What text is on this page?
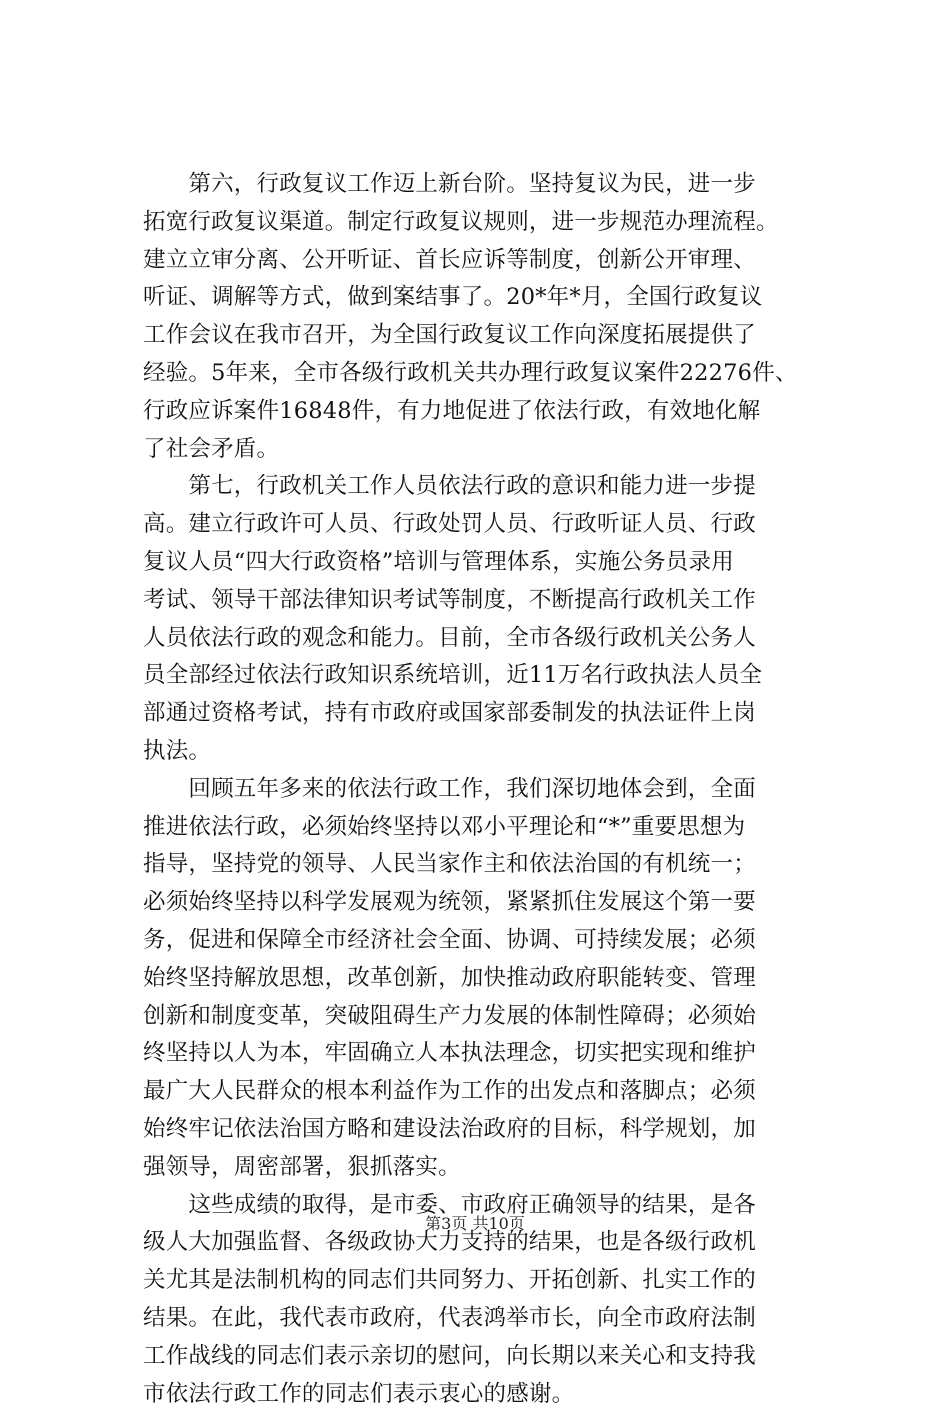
　　第六，行政复议工作迈上新台阶。坚持复议为民，进一步

拓宽行政复议渠道。制定行政复议规则，进一步规范办理流程。

建立立审分离、公开听证、首长应诉等制度，创新公开审理、

听证、调解等方式，做到案结事了。20*年*月，全国行政复议

工作会议在我市召开，为全国行政复议工作向深度拓展提供了

经验。5年来，全市各级行政机关共办理行政复议案件22276件、

行政应诉案件16848件，有力地促进了依法行政，有效地化解

了社会矛盾。

　　第七，行政机关工作人员依法行政的意识和能力进一步提

高。建立行政许可人员、行政处罚人员、行政听证人员、行政

复议人员“四大行政资格”培训与管理体系，实施公务员录用

考试、领导干部法律知识考试等制度，不断提高行政机关工作

人员依法行政的观念和能力。目前，全市各级行政机关公务人

员全部经过依法行政知识系统培训，近11万名行政执法人员全

部通过资格考试，持有市政府或国家部委制发的执法证件上岗

执法。

　　回顾五年多来的依法行政工作，我们深切地体会到，全面

推进依法行政，必须始终坚持以邓小平理论和“*”重要思想为

指导，坚持党的领导、人民当家作主和依法治国的有机统一；

必须始终坚持以科学发展观为统领，紧紧抓住发展这个第一要

务，促进和保障全市经济社会全面、协调、可持续发展；必须

始终坚持解放思想，改革创新，加快推动政府职能转变、管理

创新和制度变革，突破阻碍生产力发展的体制性障碍；必须始

终坚持以人为本，牢固确立人本执法理念，切实把实现和维护

最广大人民群众的根本利益作为工作的出发点和落脚点；必须

始终牢记依法治国方略和建设法治政府的目标，科学规划，加

强领导，周密部署，狠抓落实。

　　这些成绩的取得，是市委、市政府正确领导的结果，是各

级人大加强监督、各级政协大力支持的结果，也是各级行政机

关尤其是法制机构的同志们共同努力、开拓创新、扎实工作的

结果。在此，我代表市政府，代表鸿举市长，向全市政府法制

工作战线的同志们表示亲切的慰问，向长期以来关心和支持我

市依法行政工作的同志们表示衷心的感谢。

第3页 共10页
